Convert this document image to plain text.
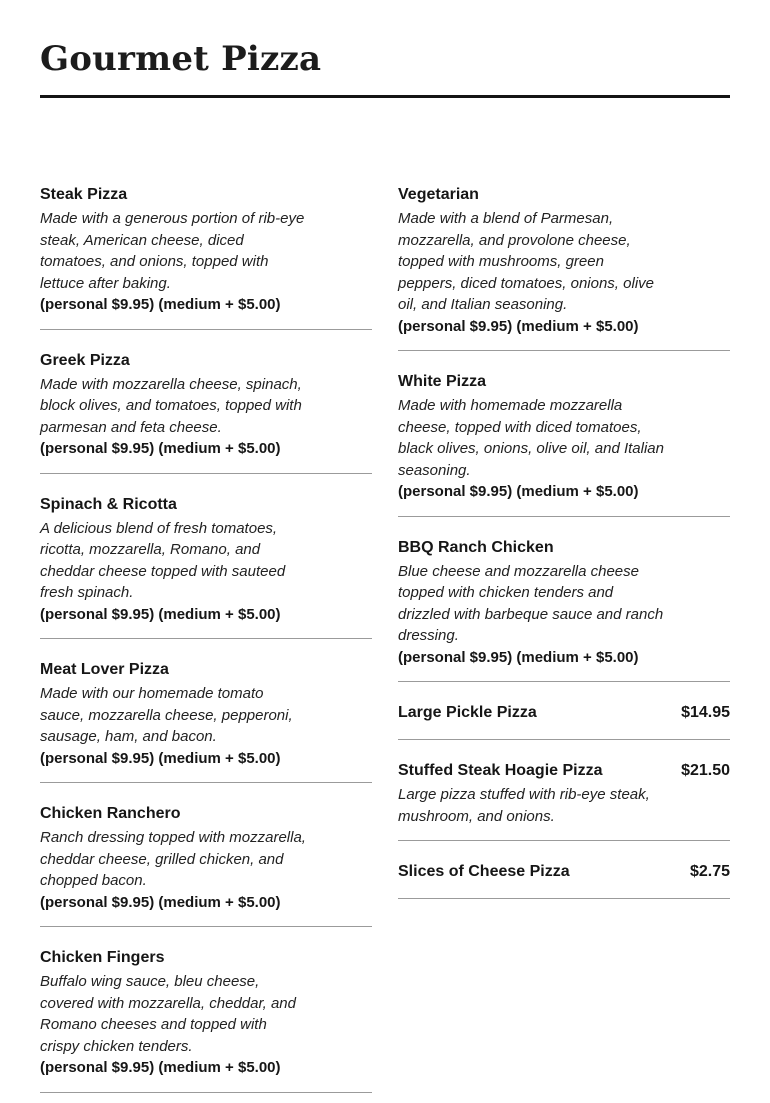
Gourmet Pizza
Steak Pizza

Made with a generous portion of rib-eye steak, American cheese, diced tomatoes, and onions, topped with lettuce after baking.

(personal $9.95) (medium + $5.00)

Greek Pizza

Made with mozzarella cheese, spinach, block olives, and tomatoes, topped with parmesan and feta cheese.

(personal $9.95) (medium + $5.00)

Spinach & Ricotta

A delicious blend of fresh tomatoes, ricotta, mozzarella, Romano, and cheddar cheese topped with sauteed fresh spinach.

(personal $9.95) (medium + $5.00)

Meat Lover Pizza

Made with our homemade tomato sauce, mozzarella cheese, pepperoni, sausage, ham, and bacon.

(personal $9.95) (medium + $5.00)

Chicken Ranchero

Ranch dressing topped with mozzarella, cheddar cheese, grilled chicken, and chopped bacon.

(personal $9.95) (medium + $5.00)

Chicken Fingers

Buffalo wing sauce, bleu cheese, covered with mozzarella, cheddar, and Romano cheeses and topped with crispy chicken tenders.

(personal $9.95) (medium + $5.00)

Vegetarian

Made with a blend of Parmesan, mozzarella, and provolone cheese, topped with mushrooms, green peppers, diced tomatoes, onions, olive oil, and Italian seasoning.

(personal $9.95) (medium + $5.00)

White Pizza

Made with homemade mozzarella cheese, topped with diced tomatoes, black olives, onions, olive oil, and Italian seasoning.

(personal $9.95) (medium + $5.00)

BBQ Ranch Chicken

Blue cheese and mozzarella cheese topped with chicken tenders and drizzled with barbeque sauce and ranch dressing.

(personal $9.95) (medium + $5.00)

Large Pickle Pizza	$14.95
Stuffed Steak Hoagie Pizza	$21.50

Large pizza stuffed with rib-eye steak, mushroom, and onions.

Slices of Cheese Pizza	$2.75
